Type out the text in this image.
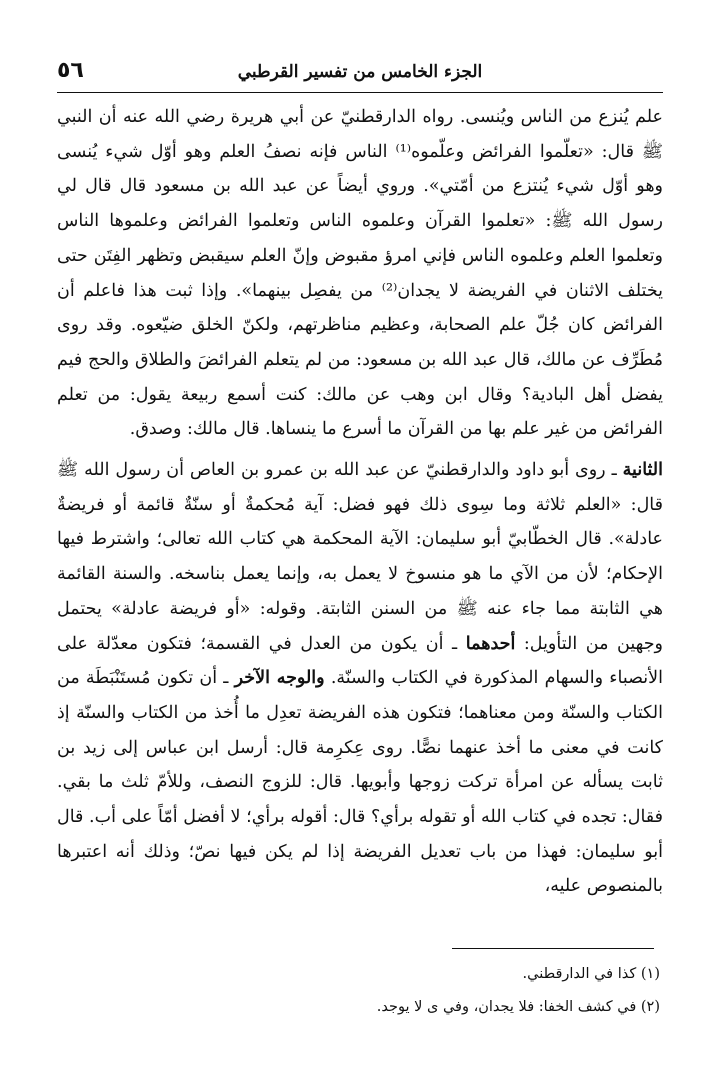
٥٦	الجزء الخامس من تفسير القرطبي

علم يُنزع من الناس ويُنسى. رواه الدارقطنيّ عن أبي هريرة رضي الله عنه أن النبي ﷺ قال: «تعلّموا الفرائض وعلّموه⁽¹⁾ الناس فإنه نصفُ العلم وهو أوّل شيء يُنسى وهو أوّل شيء يُنتزع من أمّتي». وروي أيضاً عن عبد الله بن مسعود قال قال لي رسول الله ﷺ: «تعلموا القرآن وعلموه الناس وتعلموا الفرائض وعلموها الناس وتعلموا العلم وعلموه الناس فإني امرؤ مقبوض وإنّ العلم سيقبض وتظهر الفِتَن حتى يختلف الاثنان في الفريضة لا يجدان⁽²⁾ من يفصِل بينهما». وإذا ثبت هذا فاعلم أن الفرائض كان جُلّ علم الصحابة، وعظيم مناظرتهم، ولكنّ الخلق ضيّعوه. وقد روى مُطَرِّف عن مالك، قال عبد الله بن مسعود: من لم يتعلم الفرائضَ والطلاق والحج فيم يفضل أهل البادية؟ وقال ابن وهب عن مالك: كنت أسمع ربيعة يقول: من تعلم الفرائض من غير علم بها من القرآن ما أسرع ما ينساها. قال مالك: وصدق.

الثانية ـ روى أبو داود والدارقطنيّ عن عبد الله بن عمرو بن العاص أن رسول الله ﷺ قال: «العلم ثلاثة وما سِوى ذلك فهو فضل: آية مُحكمةٌ أو سنّةٌ قائمة أو فريضةٌ عادلة». قال الخطّابيّ أبو سليمان: الآية المحكمة هي كتاب الله تعالى؛ واشترط فيها الإحكام؛ لأن من الآي ما هو منسوخ لا يعمل به، وإنما يعمل بناسخه. والسنة القائمة هي الثابتة مما جاء عنه ﷺ من السنن الثابتة. وقوله: «أو فريضة عادلة» يحتمل وجهين من التأويل: أحدهما ـ أن يكون من العدل في القسمة؛ فتكون معدّلة على الأنصباء والسهام المذكورة في الكتاب والسنّة. والوجه الآخر ـ أن تكون مُستَنْبَطَة من الكتاب والسنّة ومن معناهما؛ فتكون هذه الفريضة تعدِل ما أُخذ من الكتاب والسنّة إذ كانت في معنى ما أخذ عنهما نصًّا. روى عِكرِمة قال: أرسل ابن عباس إلى زيد بن ثابت يسأله عن امرأة تركت زوجها وأبويها. قال: للزوج النصف، وللأمّ ثلث ما بقي. فقال: تجده في كتاب الله أو تقوله برأي؟ قال: أقوله برأي؛ لا أفضل أمّاً على أب. قال أبو سليمان: فهذا من باب تعديل الفريضة إذا لم يكن فيها نصّ؛ وذلك أنه اعتبرها بالمنصوص عليه،

(١) كذا في الدارقطني.

(٢) في كشف الخفا: فلا يجدان، وفي ى لا يوجد.
